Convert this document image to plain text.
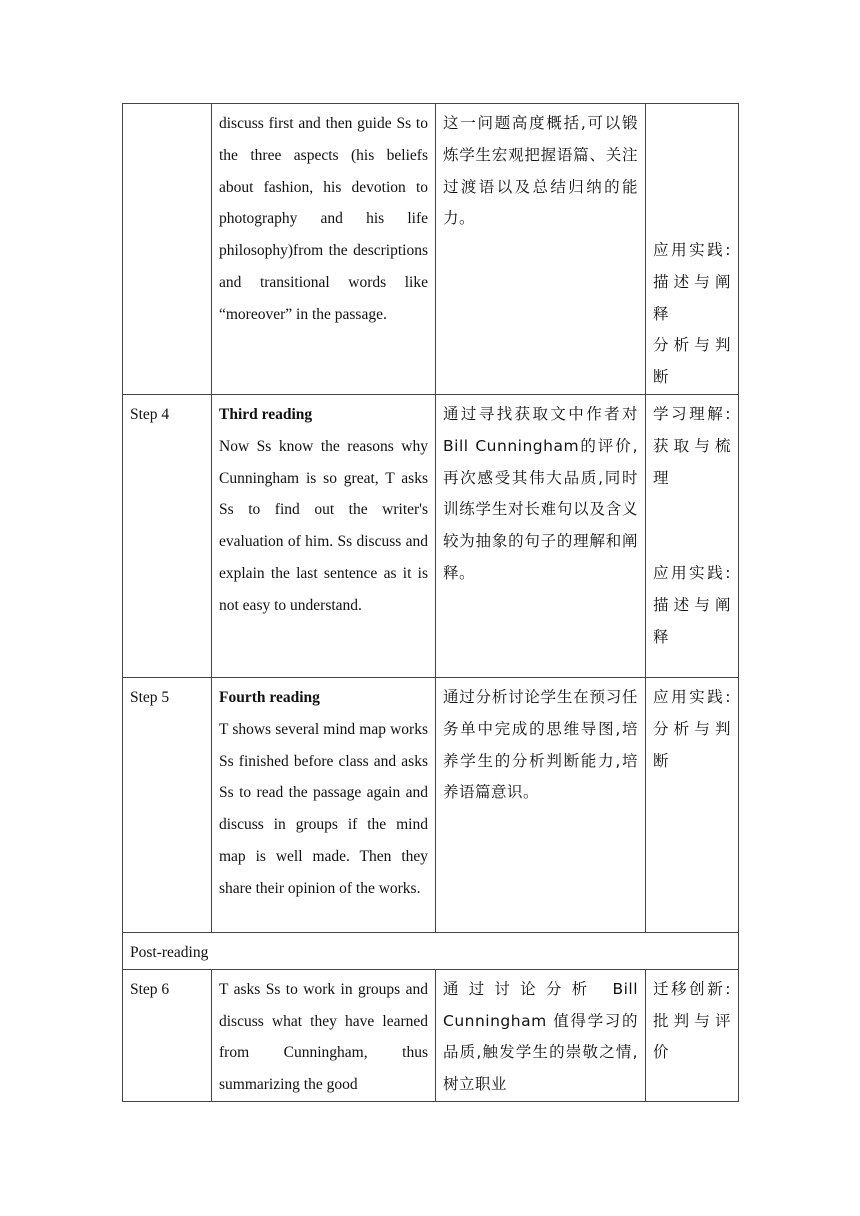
	discuss first and then guide Ss to the three aspects (his beliefs about fashion, his devotion to photography and his life philosophy)from the descriptions and transitional words like “moreover” in the passage.	这一问题高度概括,可以锻炼学生宏观把握语篇、关注过渡语以及总结归纳的能力。	应用实践: 描述与阐释
分析与判断

Step 4	Third reading
Now Ss know the reasons why Cunningham is so great, T asks Ss to find out the writer's evaluation of him. Ss discuss and explain the last sentence as it is not easy to understand.	通过寻找获取文中作者对 Bill Cunningham的评价,再次感受其伟大品质,同时训练学生对长难句以及含义较为抽象的句子的理解和阐释。	学习理解: 获取与梳理
应用实践: 描述与阐释

Step 5	Fourth reading
T shows several mind map works Ss finished before class and asks Ss to read the passage again and discuss in groups if the mind map is well made. Then they share their opinion of the works.	通过分析讨论学生在预习任务单中完成的思维导图,培养学生的分析判断能力,培养语篇意识。	应用实践: 分析与判断
Post-reading			

Step 6	T asks Ss to work in groups and discuss what they have learned from Cunningham, thus summarizing the good	通过讨论分析 Bill Cunningham 值得学习的品质,触发学生的崇敬之情,树立职业	迁移创新: 批判与评价
